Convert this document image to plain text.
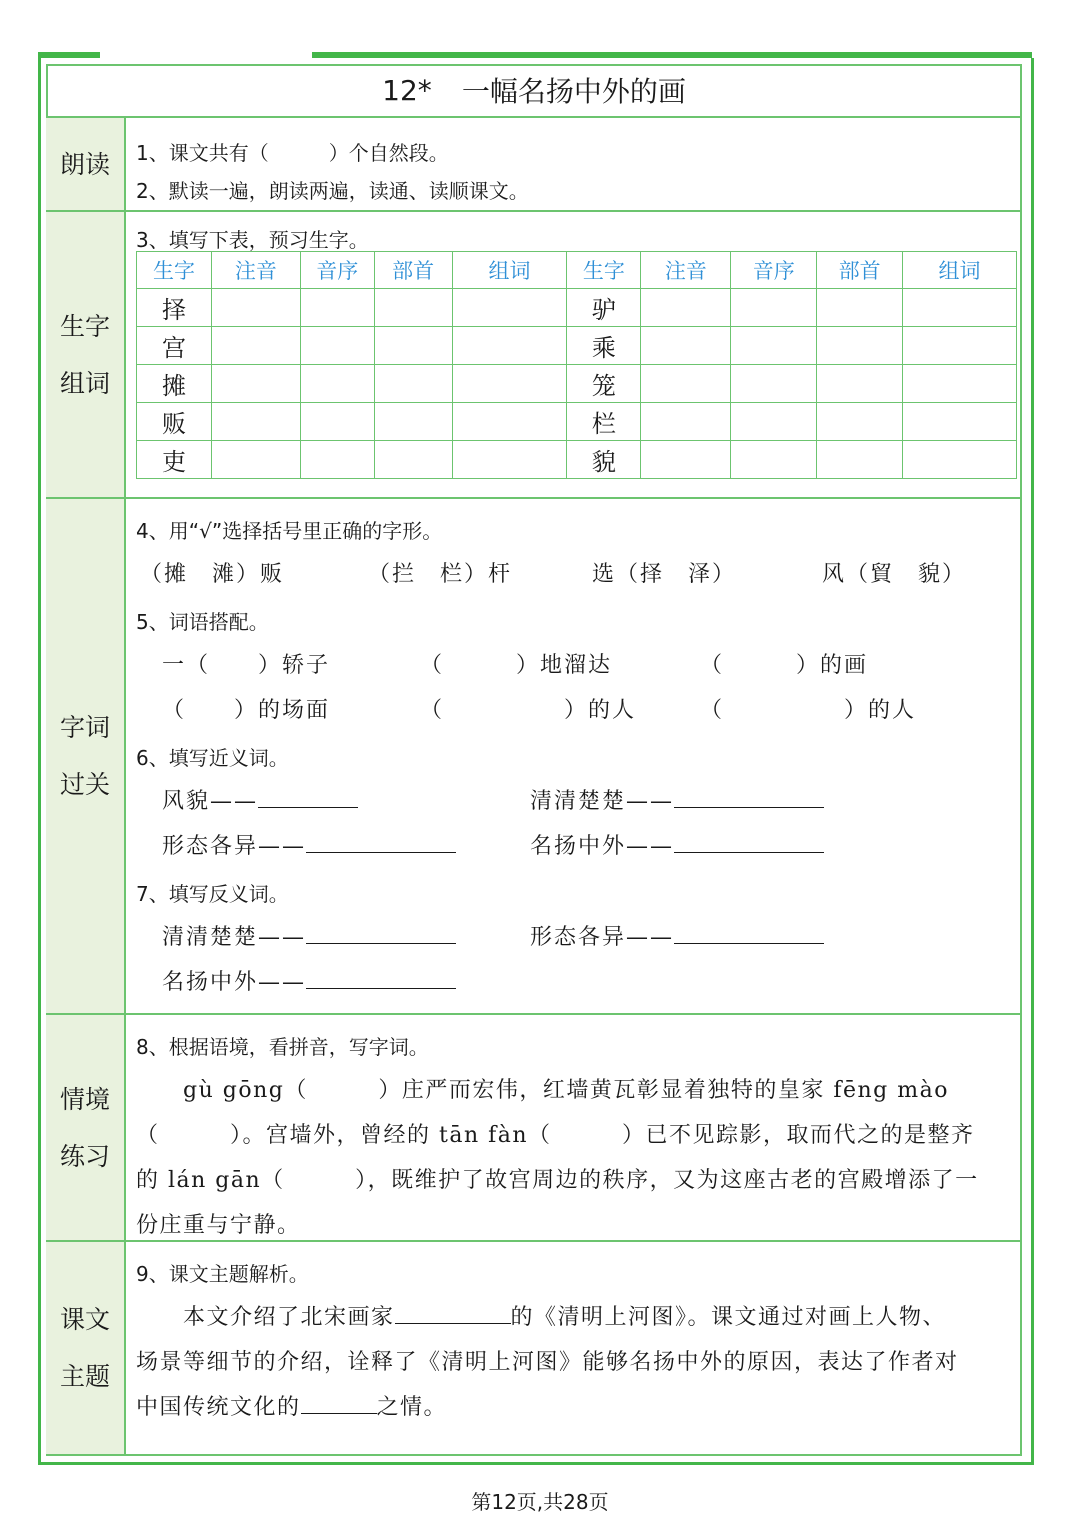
12* 一幅名扬中外的画
朗读
生字
组词
字词
过关
情境
练习
课文
主题
1、课文共有（　　　）个自然段。
2、默读一遍，朗读两遍，读通、读顺课文。
3、填写下表，预习生字。
生字	注音	音序	部首	组词	生字	注音	音序	部首	组词
择					驴				
宫					乘				
摊					笼				
贩					栏				
吏					貌				
4、用“√”选择括号里正确的字形。
（摊　滩）贩	（拦　栏）杆	选（择　泽）	风（貿　貌）
5、词语搭配。
一（　　）轿子	（　　　）地溜达	（　　　）的画
（　　）的场面	（　　　　　）的人	（　　　　　）的人
6、填写近义词。
风貌——	清清楚楚——
形态各异——	名扬中外——
7、填写反义词。
清清楚楚——	形态各异——
名扬中外——
8、根据语境，看拼音，写字词。
　　gù gōng（　　　）庄严而宏伟，红墙黄瓦彰显着独特的皇家 fēng mào
（　　　）。宫墙外，曾经的 tān fàn（　　　）已不见踪影，取而代之的是整齐
的 lán gān（　　　），既维护了故宫周边的秩序，又为这座古老的宫殿增添了一
份庄重与宁静。
9、课文主题解析。
　　本文介绍了北宋画家	的《清明上河图》。课文通过对画上人物、
场景等细节的介绍，诠释了《清明上河图》能够名扬中外的原因，表达了作者对
中国传统文化的	之情。
第12页,共28页
